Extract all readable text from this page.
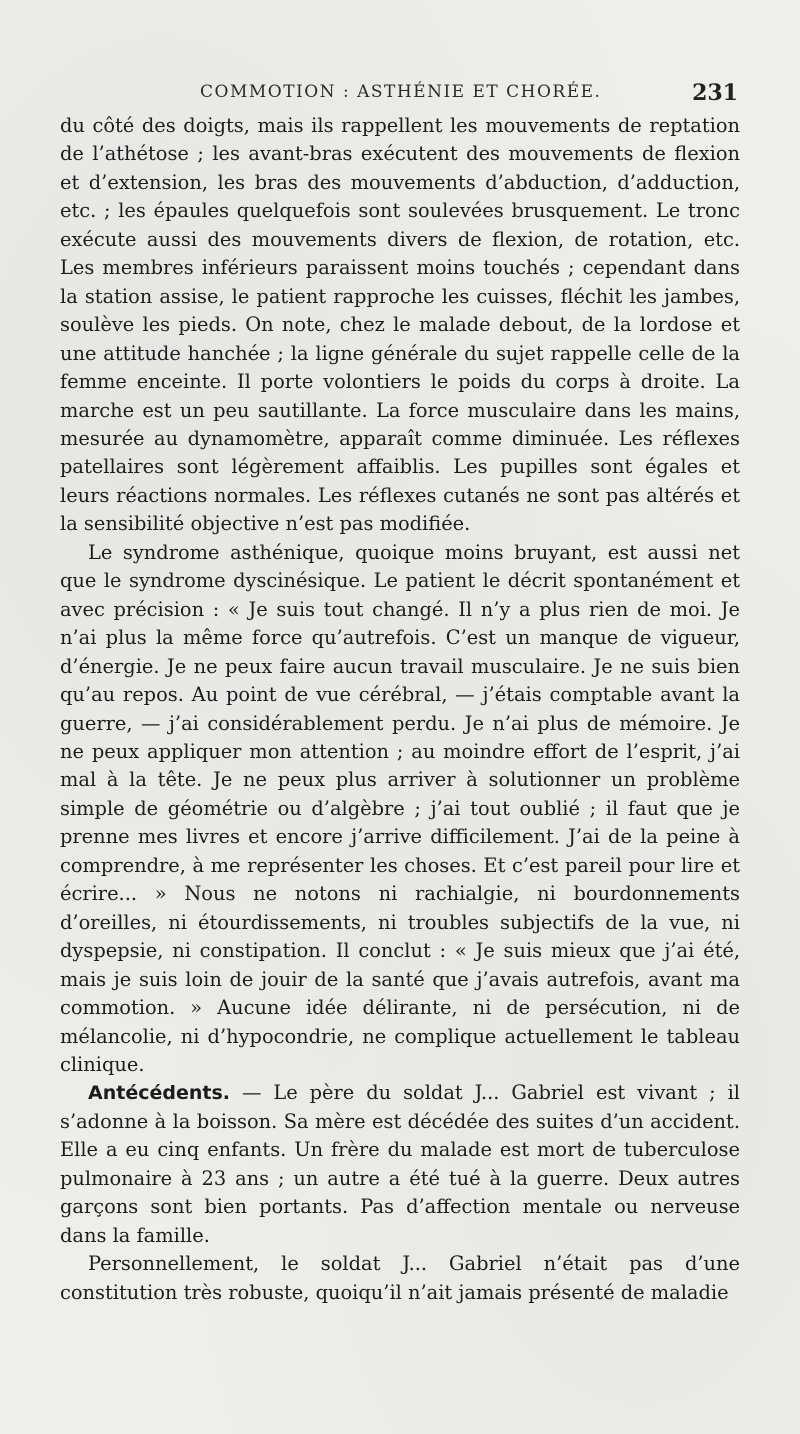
COMMOTION : ASTHÉNIE ET CHORÉE.	231

du côté des doigts, mais ils rappellent les mouvements de reptation de l’athétose ; les avant-bras exécutent des mouvements de flexion et d’extension, les bras des mouvements d’abduction, d’adduction, etc. ; les épaules quelquefois sont soulevées brusquement. Le tronc exécute aussi des mouvements divers de flexion, de rotation, etc. Les membres inférieurs paraissent moins touchés ; cependant dans la station assise, le patient rapproche les cuisses, fléchit les jambes, soulève les pieds. On note, chez le malade debout, de la lordose et une attitude hanchée ; la ligne générale du sujet rappelle celle de la femme enceinte. Il porte volontiers le poids du corps à droite. La marche est un peu sautillante. La force musculaire dans les mains, mesurée au dynamomètre, apparaît comme diminuée. Les réflexes patellaires sont légèrement affaiblis. Les pupilles sont égales et leurs réactions normales. Les réflexes cutanés ne sont pas altérés et la sensibilité objective n’est pas modifiée.

Le syndrome asthénique, quoique moins bruyant, est aussi net que le syndrome dyscinésique. Le patient le décrit spontanément et avec précision : « Je suis tout changé. Il n’y a plus rien de moi. Je n’ai plus la même force qu’autrefois. C’est un manque de vigueur, d’énergie. Je ne peux faire aucun travail musculaire. Je ne suis bien qu’au repos. Au point de vue cérébral, — j’étais comptable avant la guerre, — j’ai considérablement perdu. Je n’ai plus de mémoire. Je ne peux appliquer mon attention ; au moindre effort de l’esprit, j’ai mal à la tête. Je ne peux plus arriver à solutionner un problème simple de géométrie ou d’algèbre ; j’ai tout oublié ; il faut que je prenne mes livres et encore j’arrive difficilement. J’ai de la peine à comprendre, à me représenter les choses. Et c’est pareil pour lire et écrire... » Nous ne notons ni rachialgie, ni bourdonnements d’oreilles, ni étourdissements, ni troubles subjectifs de la vue, ni dyspepsie, ni constipation. Il conclut : « Je suis mieux que j’ai été, mais je suis loin de jouir de la santé que j’avais autrefois, avant ma commotion. » Aucune idée délirante, ni de persécution, ni de mélancolie, ni d’hypocondrie, ne complique actuellement le tableau clinique.

Antécédents. — Le père du soldat J... Gabriel est vivant ; il s’adonne à la boisson. Sa mère est décédée des suites d’un accident. Elle a eu cinq enfants. Un frère du malade est mort de tuberculose pulmonaire à 23 ans ; un autre a été tué à la guerre. Deux autres garçons sont bien portants. Pas d’affection mentale ou nerveuse dans la famille.

Personnellement, le soldat J... Gabriel n’était pas d’une constitution très robuste, quoiqu’il n’ait jamais présenté de maladie
